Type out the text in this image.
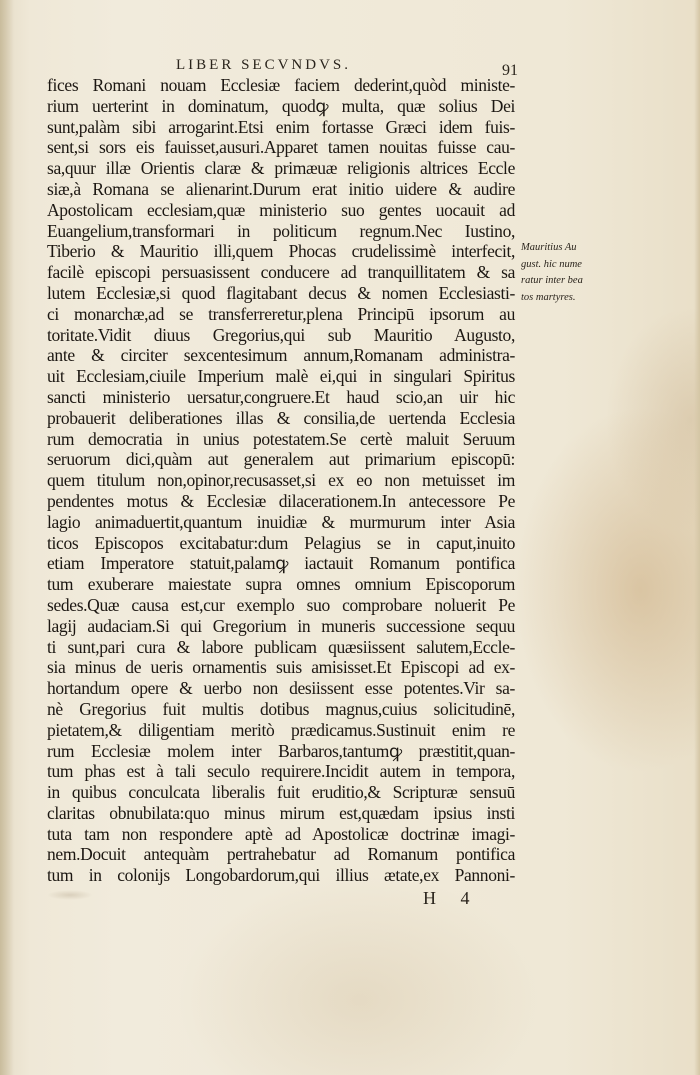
LIBER SECVNDVS.	91
fices Romani nouam Ecclesiæ faciem dederint,quòd ministe-
rium uerterint in dominatum, quodꝙ multa, quæ solius Dei
sunt,palàm sibi arrogarint.Etsi enim fortasse Græci idem fuis-
sent,si sors eis fauisset,ausuri.Apparet tamen nouitas fuisse cau-
sa,quur illæ Orientis claræ & primæuæ religionis altrices Eccle
siæ,à Romana se alienarint.Durum erat initio uidere & audire
Apostolicam ecclesiam,quæ ministerio suo gentes uocauit ad
Euangelium,transformari in politicum regnum.Nec Iustino,
Tiberio & Mauritio illi,quem Phocas crudelissimè interfecit,
facilè episcopi persuasissent conducere ad tranquillitatem & sa
lutem Ecclesiæ,si quod flagitabant decus & nomen Ecclesiasti-
ci monarchæ,ad se transferreretur,plena Principū ipsorum au
toritate.Vidit diuus Gregorius,qui sub Mauritio Augusto,
ante & circiter sexcentesimum annum,Romanam administra-
uit Ecclesiam,ciuile Imperium malè ei,qui in singulari Spiritus
sancti ministerio uersatur,congruere.Et haud scio,an uir hic
probauerit deliberationes illas & consilia,de uertenda Ecclesia
rum democratia in unius potestatem.Se certè maluit Seruum
seruorum dici,quàm aut generalem aut primarium episcopū:
quem titulum non,opinor,recusasset,si ex eo non metuisset im
pendentes motus & Ecclesiæ dilacerationem.In antecessore Pe
lagio animaduertit,quantum inuidiæ & murmurum inter Asia
ticos Episcopos excitabatur:dum Pelagius se in caput,inuito
etiam Imperatore statuit,palamꝙ iactauit Romanum pontifica
tum exuberare maiestate supra omnes omnium Episcoporum
sedes.Quæ causa est,cur exemplo suo comprobare noluerit Pe
lagij audaciam.Si qui Gregorium in muneris successione sequu
ti sunt,pari cura & labore publicam quæsiissent salutem,Eccle-
sia minus de ueris ornamentis suis amisisset.Et Episcopi ad ex-
hortandum opere & uerbo non desiissent esse potentes.Vir sa-
nè Gregorius fuit multis dotibus magnus,cuius solicitudinē,
pietatem,& diligentiam meritò prædicamus.Sustinuit enim re
rum Ecclesiæ molem inter Barbaros,tantumꝙ præstitit,quan-
tum phas est à tali seculo requirere.Incidit autem in tempora,
in quibus conculcata liberalis fuit eruditio,& Scripturæ sensuū
claritas obnubilata:quo minus mirum est,quædam ipsius insti
tuta tam non respondere aptè ad Apostolicæ doctrinæ imagi-
nem.Docuit antequàm pertrahebatur ad Romanum pontifica
tum in colonijs Longobardorum,qui illius ætate,ex Pannoni-
Mauritius Au
gust. hic nume
ratur inter bea
tos martyres.
H 4
